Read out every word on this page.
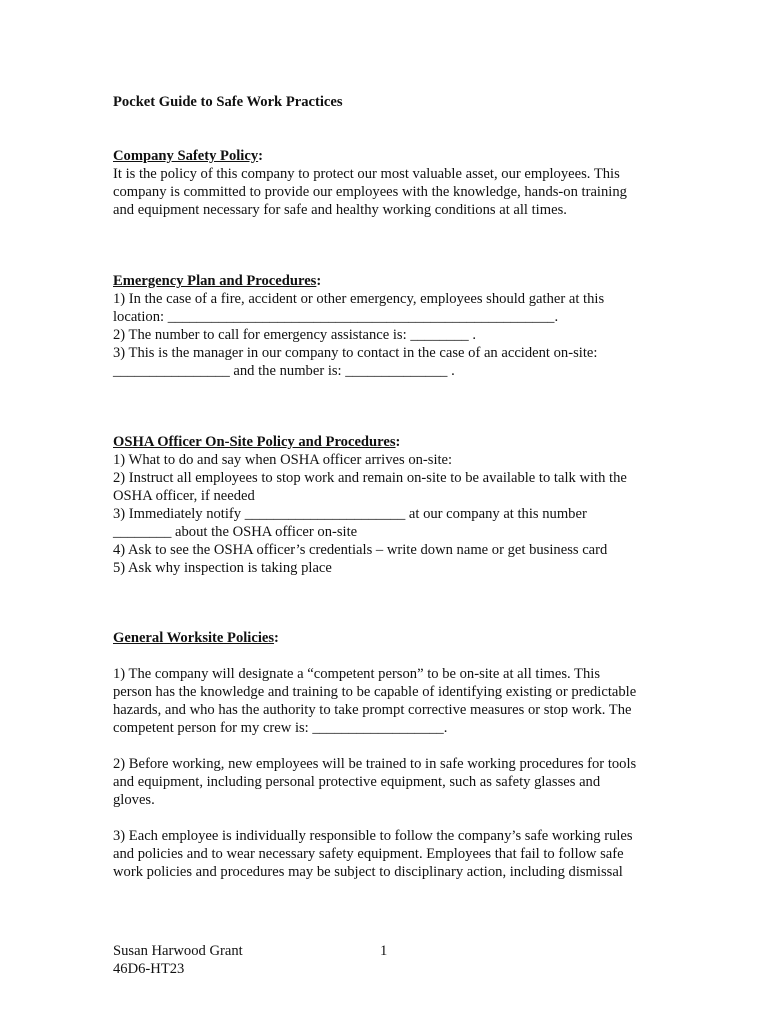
Pocket Guide to Safe Work Practices
Company Safety Policy:
It is the policy of this company to protect our most valuable asset, our employees. This
company is committed to provide our employees with the knowledge, hands-on training
and equipment necessary for safe and healthy working conditions at all times.
Emergency Plan and Procedures:
1) In the case of a fire, accident or other emergency, employees should gather at this
location: _____________________________________________________.
2) The number to call for emergency assistance is: ________ .
3) This is the manager in our company to contact in the case of an accident on-site:
________________ and the number is: ______________ .
OSHA Officer On-Site Policy and Procedures:
1) What to do and say when OSHA officer arrives on-site:
2) Instruct all employees to stop work and remain on-site to be available to talk with the
OSHA officer, if needed
3) Immediately notify ______________________ at our company at this number
________ about the OSHA officer on-site
4) Ask to see the OSHA officer’s credentials – write down name or get business card
5) Ask why inspection is taking place
General Worksite Policies:
1) The company will designate a “competent person” to be on-site at all times. This
person has the knowledge and training to be capable of identifying existing or predictable
hazards, and who has the authority to take prompt corrective measures or stop work. The
competent person for my crew is: __________________.
2) Before working, new employees will be trained to in safe working procedures for tools
and equipment, including personal protective equipment, such as safety glasses and
gloves.
3) Each employee is individually responsible to follow the company’s safe working rules
and policies and to wear necessary safety equipment. Employees that fail to follow safe
work policies and procedures may be subject to disciplinary action, including dismissal
Susan Harwood Grant
46D6-HT23
1
